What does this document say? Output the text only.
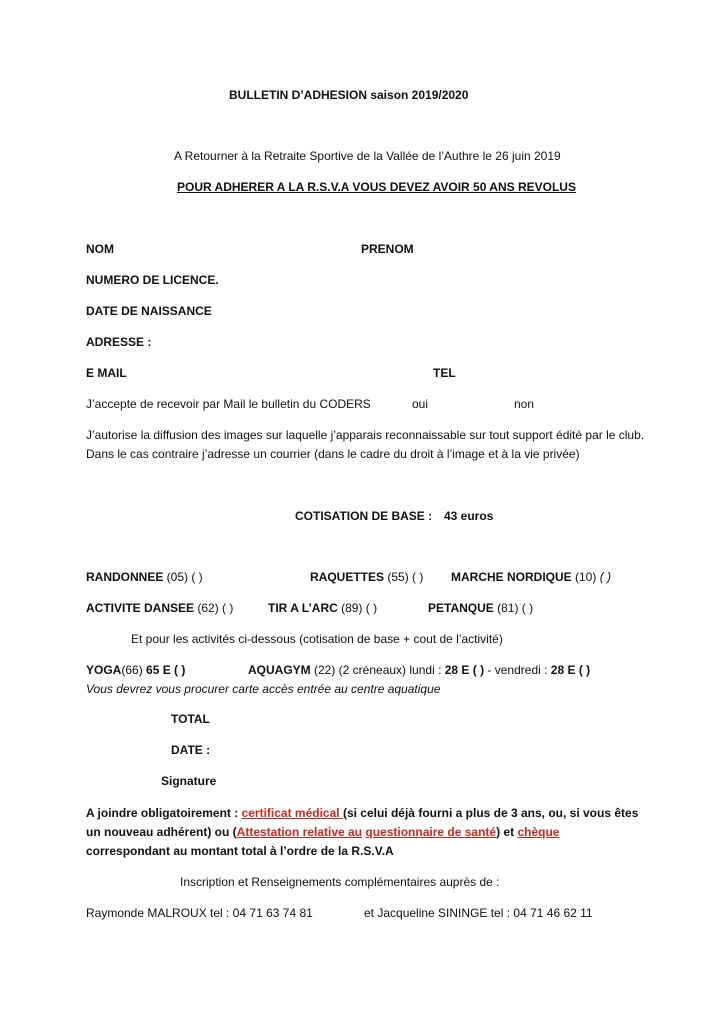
BULLETIN D’ADHESION saison 2019/2020
A Retourner à la Retraite Sportive de la Vallée de l’Authre le 26 juin 2019
POUR ADHERER A LA R.S.V.A VOUS DEVEZ AVOIR 50 ANS REVOLUS
NOM	PRENOM
NUMERO DE LICENCE.
DATE DE NAISSANCE
ADRESSE :
E MAIL	TEL
J’accepte de recevoir par Mail le bulletin du CODERS	oui	non
J’autorise la diffusion des images sur laquelle j’apparais reconnaissable sur tout support édité par le club. Dans le cas contraire j’adresse un courrier (dans le cadre du droit à l’image et à la vie privée)
COTISATION DE BASE : 43 euros
RANDONNEE (05) ( )	RAQUETTES (55) ( ) MARCHE NORDIQUE (10) ( )
ACTIVITE DANSEE (62) ( )	TIR A L’ARC (89) ( )	PETANQUE (81) ( )
Et pour les activités ci-dessous (cotisation de base + cout de l’activité)
YOGA(66) 65 E ( )	AQUAGYM (22) (2 créneaux) lundi : 28 E ( ) - vendredi : 28 E ( )
Vous devrez vous procurer carte accès entrée au centre aquatique
TOTAL
DATE :
Signature
A joindre obligatoirement : certificat médical (si celui déjà fourni a plus de 3 ans, ou, si vous êtes un nouveau adhérent) ou (Attestation relative au questionnaire de santé) et chèque correspondant au montant total à l’ordre de la R.S.V.A
Inscription et Renseignements complémentaires auprès de :
Raymonde MALROUX tel : 04 71 63 74 81	et Jacqueline SININGE tel : 04 71 46 62 11
